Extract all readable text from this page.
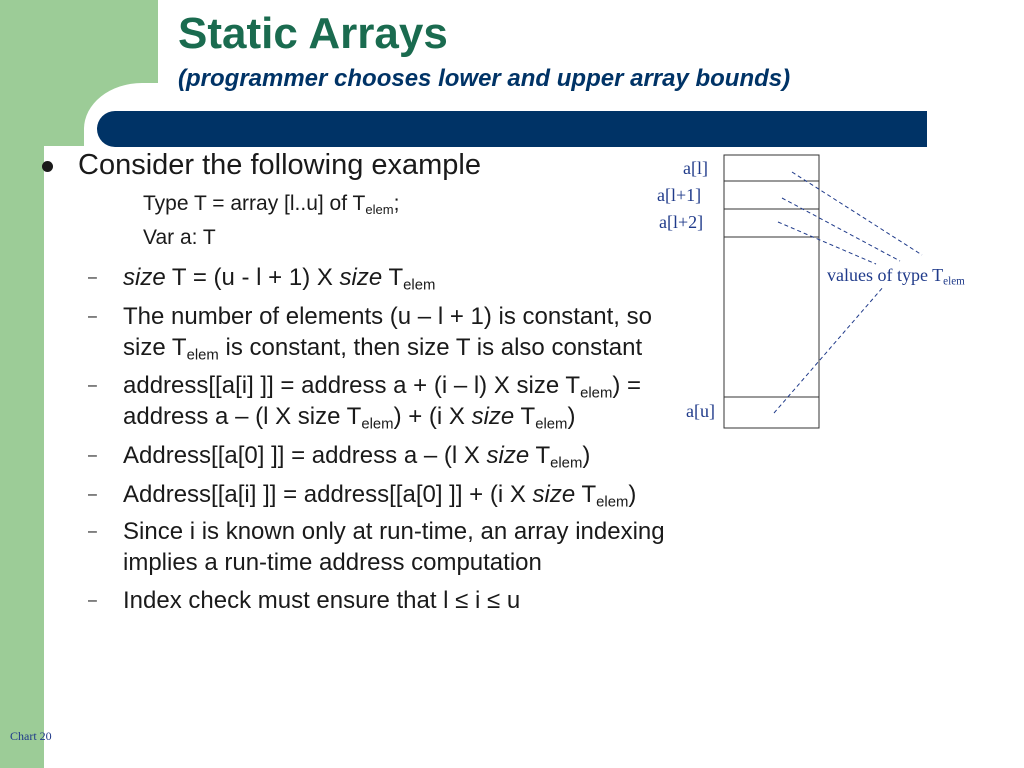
Static Arrays
(programmer chooses lower and upper array bounds)
Consider the following example
Type T = array [l..u] of $T_{elem}$;
Var a: T
– size T = (u - l + 1) X size $T_{elem}$
– The number of elements (u – l + 1) is constant, so size $T_{elem}$ is constant, then size T is also constant
– address[[a[i] ]] = address a + (i – l) X size $T_{elem}$) = address a – (l X size $T_{elem}) + (i$ X size $T_{elem}$)
– Address[[a[0] ]] = address a – (l X size $T_{elem}$)
– Address[[a[i] ]] = address[[a[0] ]] + (i X size $T_{elem}$)
– Since i is known only at run-time, an array indexing implies a run-time address computation
– Index check must ensure that l ≤ i ≤ u
a[l]
a[l+1]
a[l+2]
a[u]
values of type $T_{elem}$
Chart 20
